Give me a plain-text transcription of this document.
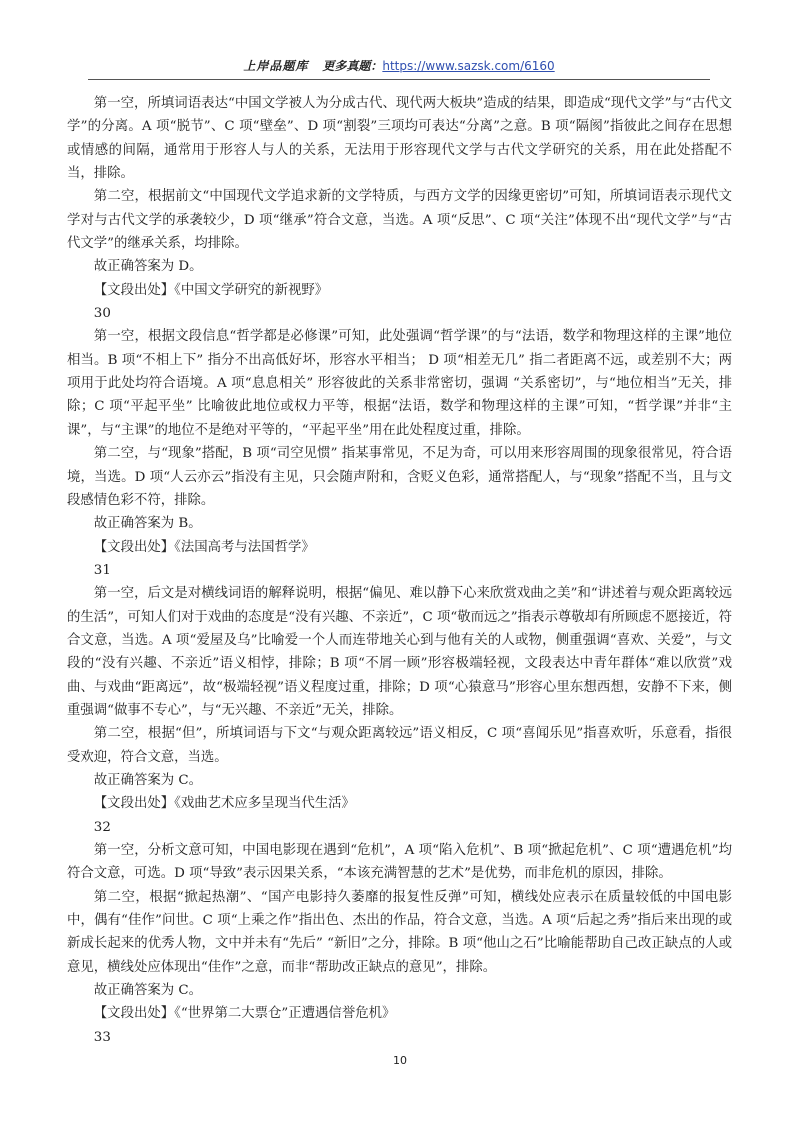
上岸品题库 更多真题：https://www.sazsk.com/6160

第一空，所填词语表达“中国文学被人为分成古代、现代两大板块”造成的结果，即造成“现代文学”与“古代文学”的分离。A 项“脱节”、C 项“壁垒”、D 项“割裂”三项均可表达“分离”之意。B 项“隔阂”指彼此之间存在思想或情感的间隔，通常用于形容人与人的关系，无法用于形容现代文学与古代文学研究的关系，用在此处搭配不当，排除。

第二空，根据前文“中国现代文学追求新的文学特质，与西方文学的因缘更密切”可知，所填词语表示现代文学对与古代文学的承袭较少，D 项“继承”符合文意，当选。A 项“反思”、C 项“关注”体现不出“现代文学”与“古代文学”的继承关系，均排除。

故正确答案为 D。

【文段出处】《中国文学研究的新视野》

30

第一空，根据文段信息“哲学都是必修课”可知，此处强调“哲学课”的与“法语，数学和物理这样的主课”地位相当。B 项“不相上下” 指分不出高低好坏，形容水平相当； D 项“相差无几” 指二者距离不远，或差别不大；两项用于此处均符合语境。A 项“息息相关” 形容彼此的关系非常密切，强调 “关系密切”，与“地位相当”无关，排除；C 项“平起平坐” 比喻彼此地位或权力平等，根据“法语，数学和物理这样的主课”可知，“哲学课”并非“主课”，与“主课”的地位不是绝对平等的，“平起平坐”用在此处程度过重，排除。

第二空，与“现象”搭配，B 项“司空见惯” 指某事常见，不足为奇，可以用来形容周围的现象很常见，符合语境，当选。D 项“人云亦云”指没有主见，只会随声附和，含贬义色彩，通常搭配人，与“现象”搭配不当，且与文段感情色彩不符，排除。

故正确答案为 B。

【文段出处】《法国高考与法国哲学》

31

第一空，后文是对横线词语的解释说明，根据“偏见、难以静下心来欣赏戏曲之美”和“讲述着与观众距离较远的生活”，可知人们对于戏曲的态度是“没有兴趣、不亲近”，C 项“敬而远之”指表示尊敬却有所顾虑不愿接近，符合文意，当选。A 项“爱屋及乌”比喻爱一个人而连带地关心到与他有关的人或物，侧重强调“喜欢、关爱”，与文段的“没有兴趣、不亲近”语义相悖，排除；B 项“不屑一顾”形容极端轻视，文段表达中青年群体“难以欣赏”戏曲、与戏曲“距离远”，故“极端轻视”语义程度过重，排除；D 项“心猿意马”形容心里东想西想，安静不下来，侧重强调“做事不专心”，与“无兴趣、不亲近”无关，排除。

第二空，根据“但”，所填词语与下文“与观众距离较远”语义相反，C 项“喜闻乐见”指喜欢听，乐意看，指很受欢迎，符合文意，当选。

故正确答案为 C。

【文段出处】《戏曲艺术应多呈现当代生活》

32

第一空，分析文意可知，中国电影现在遇到“危机”，A 项“陷入危机”、B 项“掀起危机”、C 项“遭遇危机”均符合文意，可选。D 项“导致”表示因果关系，“本该充满智慧的艺术”是优势，而非危机的原因，排除。

第二空，根据“掀起热潮”、“国产电影持久萎靡的报复性反弹”可知，横线处应表示在质量较低的中国电影中，偶有“佳作”问世。C 项“上乘之作”指出色、杰出的作品，符合文意，当选。A 项“后起之秀”指后来出现的或新成长起来的优秀人物，文中并未有“先后” “新旧”之分，排除。B 项“他山之石”比喻能帮助自己改正缺点的人或意见，横线处应体现出“佳作”之意，而非“帮助改正缺点的意见”，排除。

故正确答案为 C。

【文段出处】《“世界第二大票仓”正遭遇信誉危机》

33

10
